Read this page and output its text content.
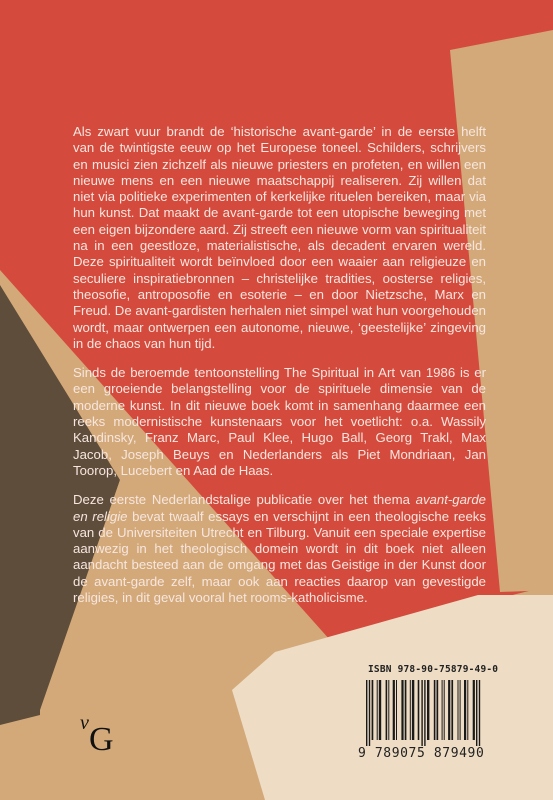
Als zwart vuur brandt de ‘historische avant-garde’ in de eerste helft van de twintigste eeuw op het Europese toneel. Schilders, schrijvers en musici zien zichzelf als nieuwe priesters en profeten, en willen een nieuwe mens en een nieuwe maatschappij realiseren. Zij willen dat niet via politieke experimenten of kerkelijke rituelen bereiken, maar via hun kunst. Dat maakt de avant-garde tot een utopische beweging met een eigen bijzondere aard. Zij streeft een nieuwe vorm van spiritualiteit na in een geestloze, materialistische, als decadent ervaren wereld. Deze spiritualiteit wordt beïnvloed door een waaier aan religieuze en seculiere inspiratiebronnen – christelijke tradities, oosterse religies, theosofie, antroposofie en esoterie – en door Nietzsche, Marx en Freud. De avant-gardisten herhalen niet simpel wat hun voorgehouden wordt, maar ontwerpen een autonome, nieuwe, ‘geestelijke’ zingeving in de chaos van hun tijd.

Sinds de beroemde tentoonstelling The Spiritual in Art van 1986 is er een groeiende belangstelling voor de spirituele dimensie van de moderne kunst. In dit nieuwe boek komt in samenhang daarmee een reeks modernistische kunstenaars voor het voetlicht: o.a. Wassily Kandinsky, Franz Marc, Paul Klee, Hugo Ball, Georg Trakl, Max Jacob, Joseph Beuys en Nederlanders als Piet Mondriaan, Jan Toorop, Lucebert en Aad de Haas.

Deze eerste Nederlandstalige publicatie over het thema avant-garde en religie bevat twaalf essays en verschijnt in een theologische reeks van de Universiteiten Utrecht en Tilburg. Vanuit een speciale expertise aanwezig in het theologisch domein wordt in dit boek niet alleen aandacht besteed aan de omgang met das Geistige in der Kunst door de avant-garde zelf, maar ook aan reacties daarop van gevestigde religies, in dit geval vooral het rooms-katholicisme.

ISBN 978-90-75879-49-0
9 789075 879490
v G
